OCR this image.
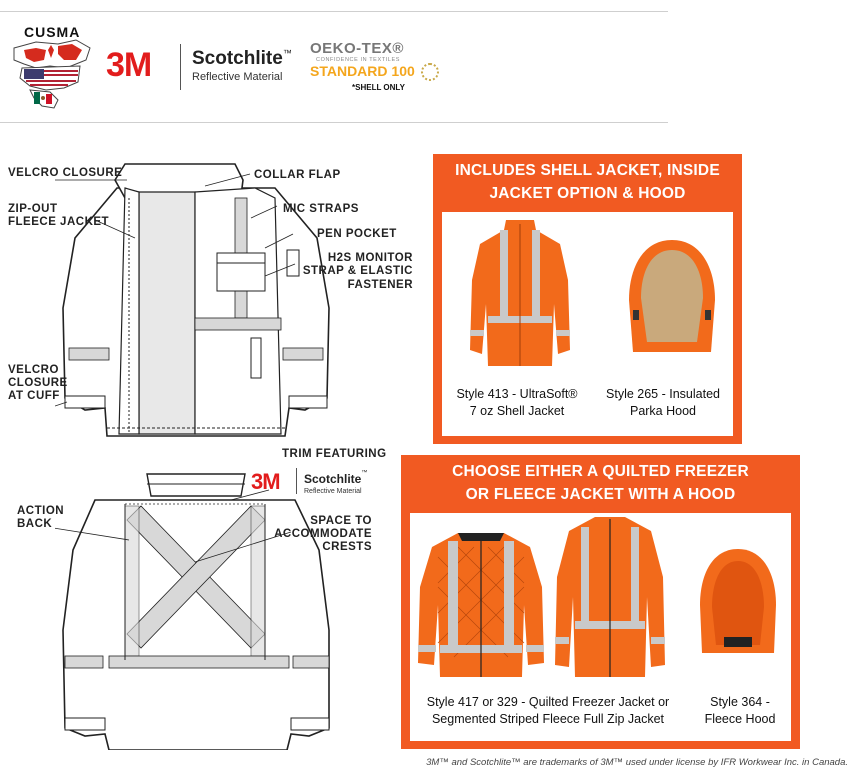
CUSMA
3M Scotchlite™
Reflective Material
OEKO-TEX®
CONFIDENCE IN TEXTILES
STANDARD 100
*SHELL ONLY
VELCRO CLOSURE
ZIP-OUT
FLEECE JACKET
COLLAR FLAP
MIC STRAPS
PEN POCKET
H2S MONITOR
STRAP & ELASTIC
FASTENER
VELCRO
CLOSURE
AT CUFF
TRIM FEATURING
3M Scotchlite™
Reflective Material
ACTION
BACK	SPACE TO
ACCOMMODATE
CRESTS
INCLUDES SHELL JACKET, INSIDE
JACKET OPTION & HOOD
Style 413 - UltraSoft®
7 oz Shell Jacket
Style 265 - Insulated
Parka Hood
CHOOSE EITHER A QUILTED FREEZER
OR FLEECE JACKET WITH A HOOD
Style 417 or 329 - Quilted Freezer Jacket or
Segmented Striped Fleece Full Zip Jacket
Style 364 -
Fleece Hood
3M™ and Scotchlite™ are trademarks of 3M™ used under license by IFR Workwear Inc. in Canada.
